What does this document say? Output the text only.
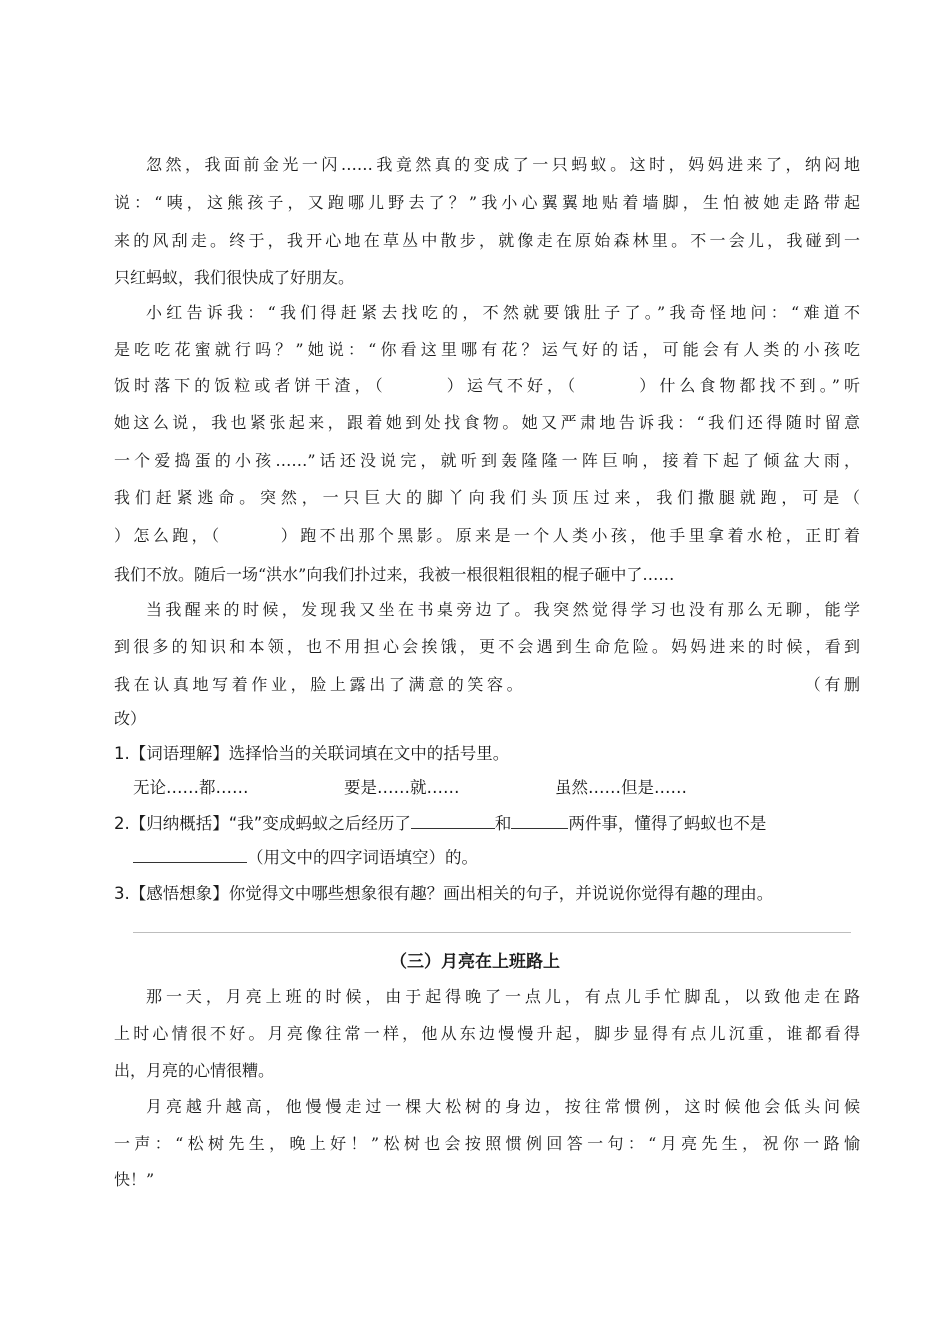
忽然，我面前金光一闪……我竟然真的变成了一只蚂蚁。这时，妈妈进来了，纳闷地
说：“咦，这熊孩子，又跑哪儿野去了？”我小心翼翼地贴着墙脚，生怕被她走路带起
来的风刮走。终于，我开心地在草丛中散步，就像走在原始森林里。不一会儿，我碰到一
只红蚂蚁，我们很快成了好朋友。
小红告诉我：“我们得赶紧去找吃的，不然就要饿肚子了。”我奇怪地问：“难道不
是吃吃花蜜就行吗？”她说：“你看这里哪有花？运气好的话，可能会有人类的小孩吃
饭时落下的饭粒或者饼干渣，（　　　）运气不好，（　　　）什么食物都找不到。”听
她这么说，我也紧张起来，跟着她到处找食物。她又严肃地告诉我：“我们还得随时留意
一个爱捣蛋的小孩……”话还没说完，就听到轰隆隆一阵巨响，接着下起了倾盆大雨，
我们赶紧逃命。突然，一只巨大的脚丫向我们头顶压过来，我们撒腿就跑，可是（
）怎么跑，（　　　）跑不出那个黑影。原来是一个人类小孩，他手里拿着水枪，正盯着
我们不放。随后一场“洪水”向我们扑过来，我被一根很粗很粗的棍子砸中了……
当我醒来的时候，发现我又坐在书桌旁边了。我突然觉得学习也没有那么无聊，能学
到很多的知识和本领，也不用担心会挨饿，更不会遇到生命危险。妈妈进来的时候，看到
我在认真地写着作业，脸上露出了满意的笑容。　　　　　　　　　　　　　　　（有删
改）
1.【词语理解】选择恰当的关联词填在文中的括号里。
无论……都……	要是……就……	虽然……但是……
2.【归纳概括】“我”变成蚂蚁之后经历了	和	两件事，懂得了蚂蚁也不是
（用文中的四字词语填空）的。
3.【感悟想象】你觉得文中哪些想象很有趣？画出相关的句子，并说说你觉得有趣的理由。
（三）月亮在上班路上
那一天，月亮上班的时候，由于起得晚了一点儿，有点儿手忙脚乱，以致他走在路
上时心情很不好。月亮像往常一样，他从东边慢慢升起，脚步显得有点儿沉重，谁都看得
出，月亮的心情很糟。
月亮越升越高，他慢慢走过一棵大松树的身边，按往常惯例，这时候他会低头问候
一声：“松树先生，晚上好！”松树也会按照惯例回答一句：“月亮先生，祝你一路愉
快！”
